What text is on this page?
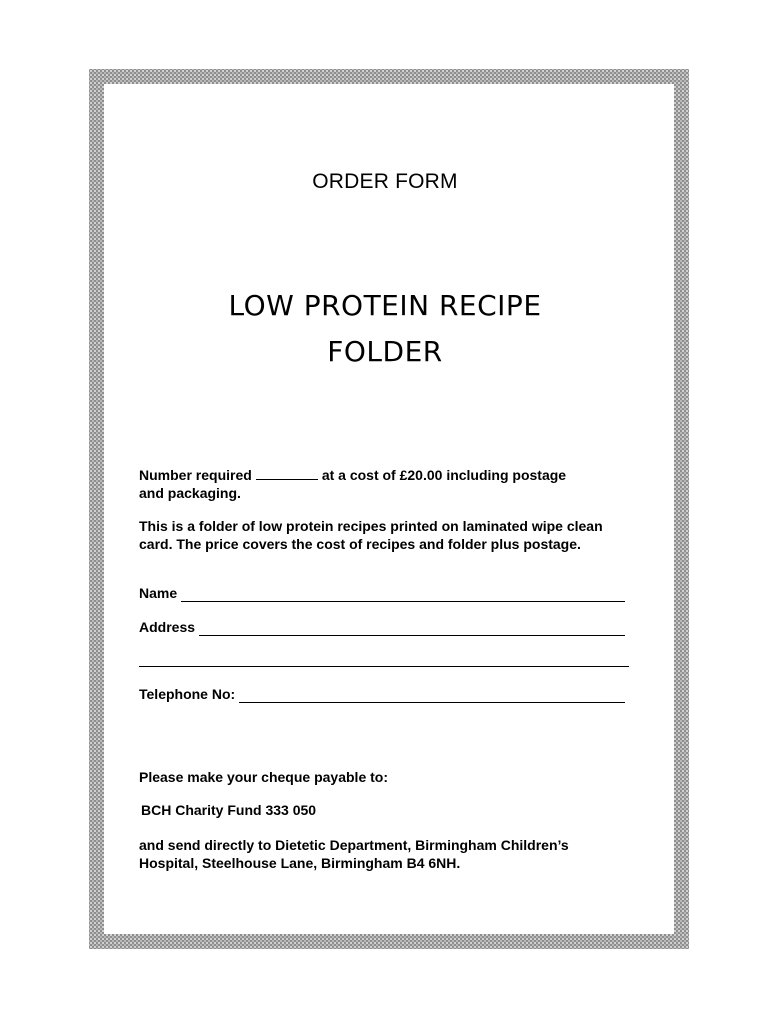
ORDER FORM
LOW PROTEIN RECIPE
FOLDER

Number required	at a cost of £20.00 including postage
and packaging.

This is a folder of low protein recipes printed on laminated wipe clean
card. The price covers the cost of recipes and folder plus postage.

Name
Address
Telephone No:

Please make your cheque payable to:

BCH Charity Fund 333 050

and send directly to Dietetic Department, Birmingham Children’s
Hospital, Steelhouse Lane, Birmingham B4 6NH.
